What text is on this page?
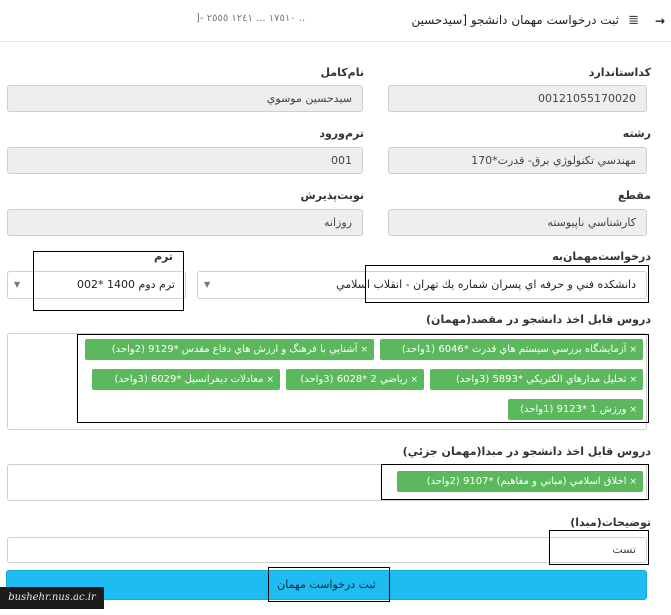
→
≣
ثبت درخواست مهمان دانشجو [سيدحسين
]- ١٧٥١٠ ... ١٢٤١ ٢٥٥٥ ..
كداستاندارد
00121055170020
نام‌کامل
سيدحسين موسوي
رشته
مهندسي تكنولوژي برق- قدرت*170
ترم‌ورود
001
مقطع
كارشناسي ناپيوسته
نوبت‌پذيرش
روزانه
درخواست‌مهمان‌به
دانشكده فني و حرفه اي پسران شماره يك تهران - انقلاب اسلامي
▼
ترم
ترم دوم 1400 *002
▼
دروس قابل اخذ دانشجو در مقصد(مهمان)
×آزمايشگاه بررسي سيستم هاي قدرت *6046 (1واحد)
×آشنايي با فرهنگ و ارزش هاي دفاع مقدس *9129 (2واحد)
×تحليل مدارهاي الكتريكي *5893 (3واحد)
×رياضي 2 *6028 (3واحد)
×معادلات ديفرانسيل *6029 (3واحد)
×ورزش 1 *9123 (1واحد)
دروس قابل اخذ دانشجو در مبدا(مهمان جزئي)
×اخلاق اسلامي (مباني و مفاهيم) *9107 (2واحد)
توضيحات(مبدا)
تست
ثبت درخواست مهمان
bushehr.nus.ac.ir
